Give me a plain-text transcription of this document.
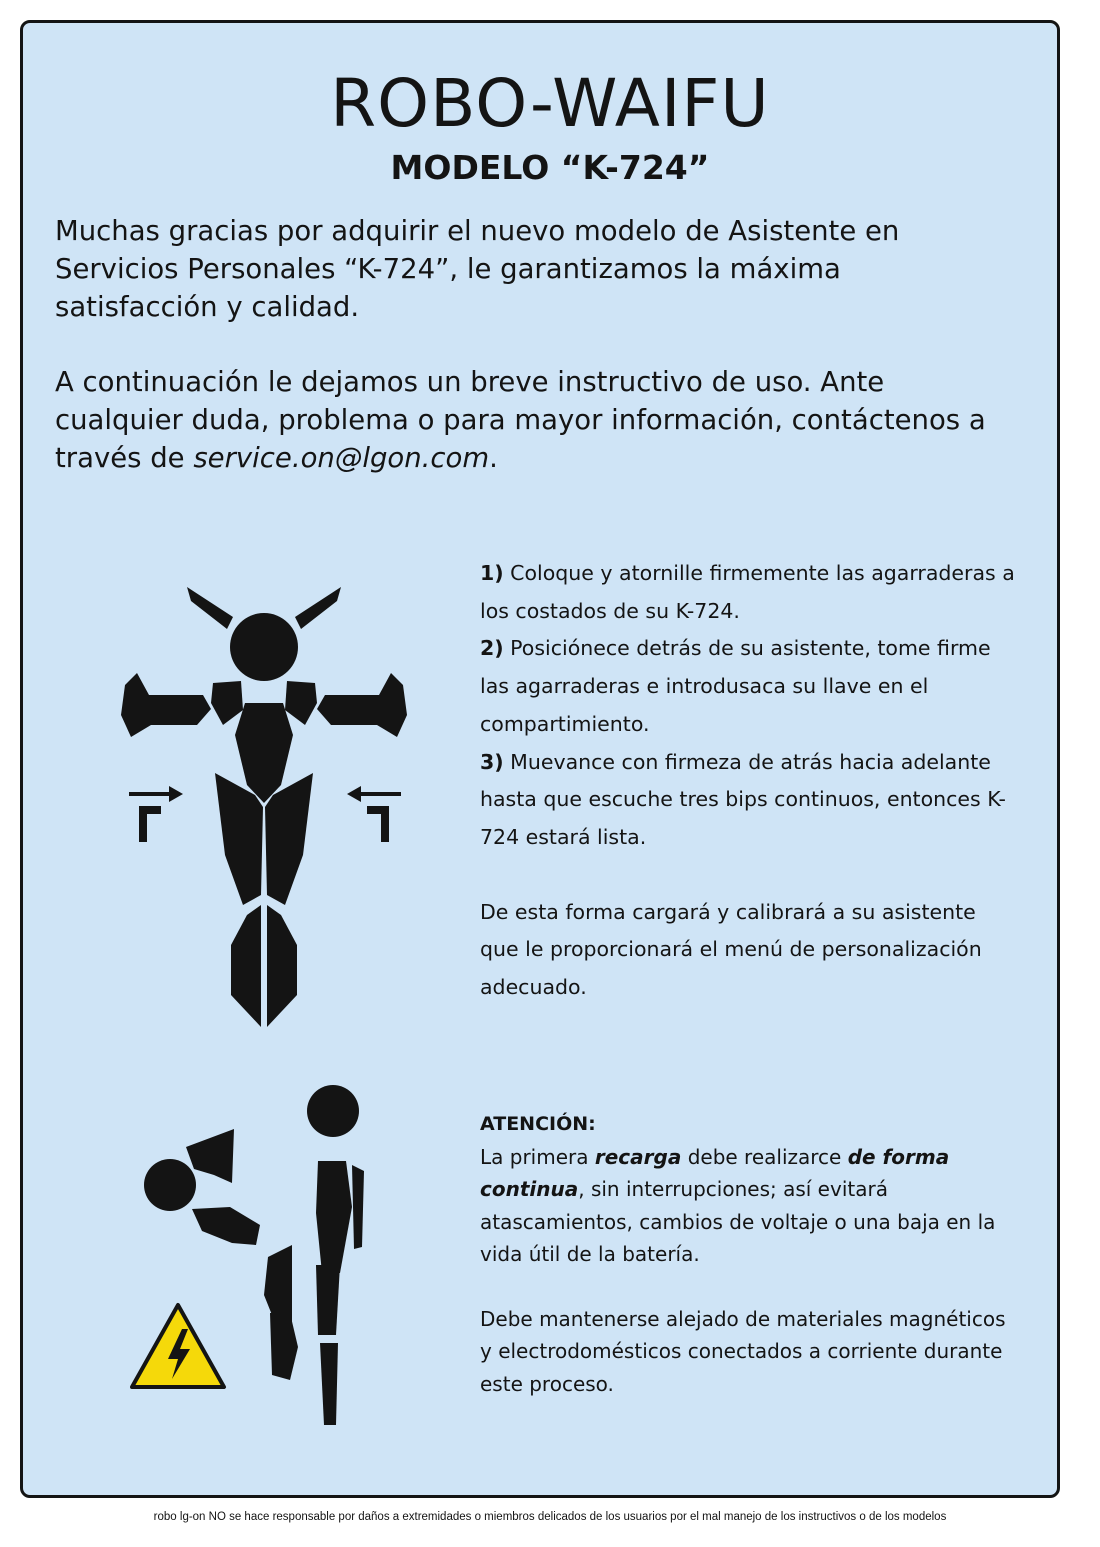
ROBO-WAIFU
MODELO “K-724”

Muchas gracias por adquirir el nuevo modelo de Asistente en Servicios Personales “K-724”, le garantizamos la máxima satisfacción y calidad.

A continuación le dejamos un breve instructivo de uso. Ante cualquier duda, problema o para mayor información, contáctenos a través de service.on@lgon.com.

1) Coloque y atornille firmemente las agarraderas a los costados de su K-724.

2) Posiciónece detrás de su asistente, tome firme las agarraderas e introdusaca su llave en el compartimiento.

3) Muevance con firmeza de atrás hacia adelante hasta que escuche tres bips continuos, entonces K-724 estará lista.

De esta forma cargará y calibrará a su asistente que le proporcionará el menú de personalización adecuado.

ATENCIÓN:

La primera recarga debe realizarce de forma continua, sin interrupciones; así evitará atascamientos, cambios de voltaje o una baja en la vida útil de la batería.

Debe mantenerse alejado de materiales magnéticos y electrodomésticos conectados a corriente durante este proceso.

robo lg-on NO se hace responsable por daños a extremidades o miembros delicados de los usuarios por el mal manejo de los instructivos o de los modelos
